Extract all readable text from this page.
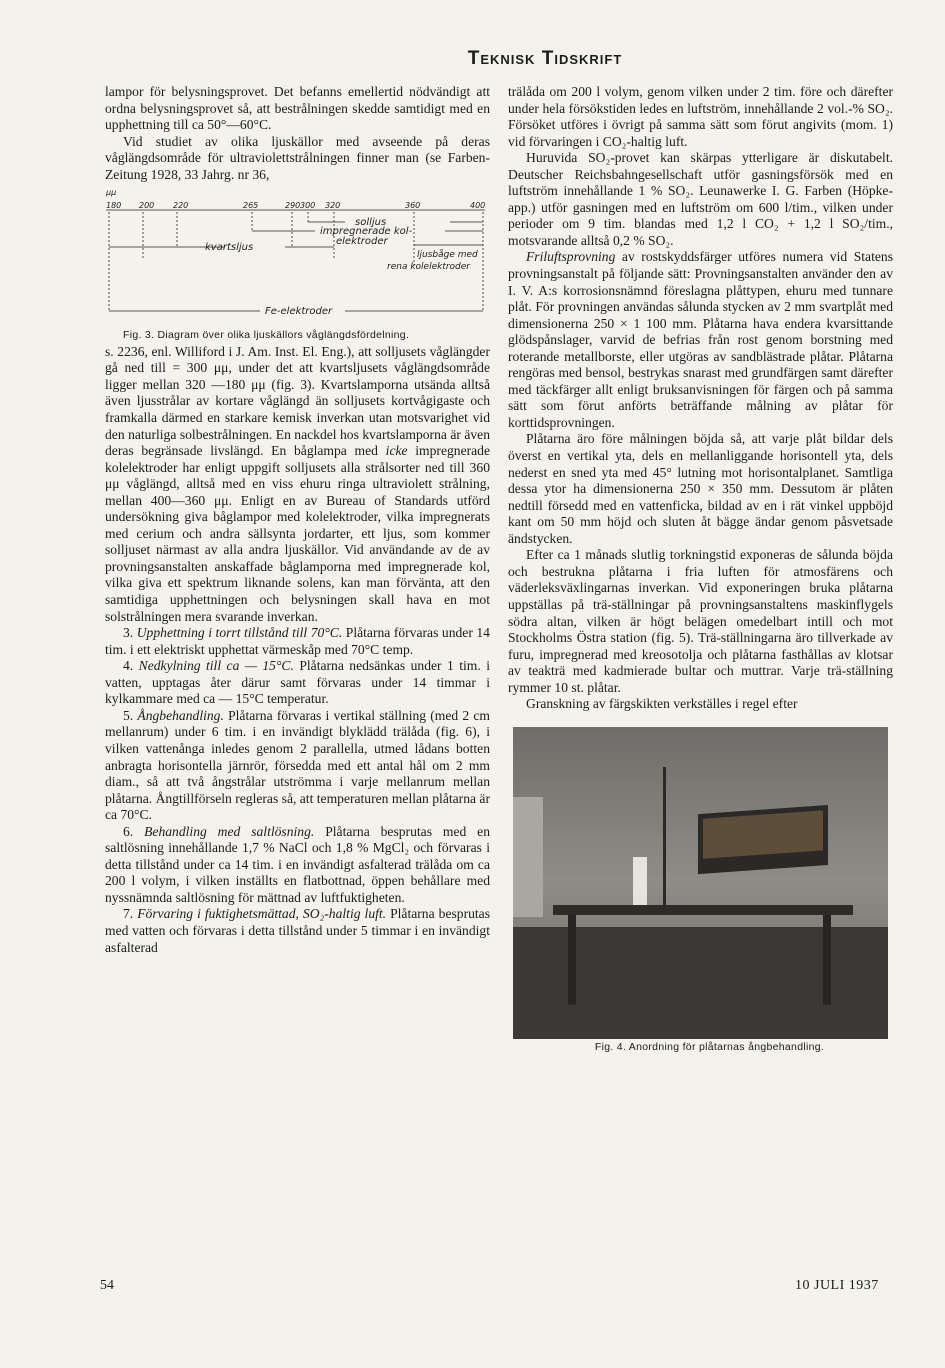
Teknisk Tidskrift

lampor för belysningsprovet. Det befanns emellertid nödvändigt att ordna belysningsprovet så, att bestrålningen skedde samtidigt med en upphettning till ca 50°—60°C.

Vid studiet av olika ljuskällor med avseende på deras våglängdsområde för ultraviolettstrålningen finner man (se Farben-Zeitung 1928, 33 Jahrg. nr 36,

μμ
180 200 220	265	290 300 320	360	400
solljus
impregnerade kol-
elektroder
kvartsljus
ljusbåge med
rena kolelektroder
Fe-elektroder

Fig. 3. Diagram över olika ljuskällors våglängdsfördelning.

s. 2236, enl. Williford i J. Am. Inst. El. Eng.), att solljusets våglängder gå ned till = 300 μμ, under det att kvartsljusets våglängdsområde ligger mellan 320 —180 μμ (fig. 3). Kvartslamporna utsända alltså även ljusstrålar av kortare våglängd än solljusets kortvågigaste och framkalla därmed en starkare kemisk inverkan utan motsvarighet vid den naturliga solbestrålningen. En nackdel hos kvartslamporna är även deras begränsade livslängd. En båglampa med icke impregnerade kolelektroder har enligt uppgift solljusets alla strålsorter ned till 360 μμ våglängd, alltså med en viss ehuru ringa ultraviolett strålning, mellan 400—360 μμ. Enligt en av Bureau of Standards utförd undersökning giva båglampor med kolelektroder, vilka impregnerats med cerium och andra sällsynta jordarter, ett ljus, som kommer solljuset närmast av alla andra ljuskällor. Vid användande av de av provningsanstalten anskaffade båglamporna med impregnerade kol, vilka giva ett spektrum liknande solens, kan man förvänta, att den samtidiga upphettningen och belysningen skall hava en mot solstrålningen mera svarande inverkan.

3. Upphettning i torrt tillstånd till 70°C. Plåtarna förvaras under 14 tim. i ett elektriskt upphettat värmeskåp med 70°C temp.

4. Nedkylning till ca — 15°C. Plåtarna nedsänkas under 1 tim. i vatten, upptagas åter därur samt förvaras under 14 timmar i kylkammare med ca — 15°C temperatur.

5. Ångbehandling. Plåtarna förvaras i vertikal ställning (med 2 cm mellanrum) under 6 tim. i en invändigt blyklädd trälåda (fig. 6), i vilken vattenånga inledes genom 2 parallella, utmed lådans botten anbragta horisontella järnrör, försedda med ett antal hål om 2 mm diam., så att två ångstrålar utströmma i varje mellanrum mellan plåtarna. Ångtillförseln regleras så, att temperaturen mellan plåtarna är ca 70°C.

6. Behandling med saltlösning. Plåtarna besprutas med en saltlösning innehållande 1,7 % NaCl och 1,8 % MgCl₂ och förvaras i detta tillstånd under ca 14 tim. i en invändigt asfalterad trälåda om ca 200 l volym, i vilken inställts en flatbottnad, öppen behållare med nyssnämnda saltlösning för mättnad av luftfuktigheten.

7. Förvaring i fuktighetsmättad, SO₂-haltig luft. Plåtarna besprutas med vatten och förvaras i detta tillstånd under 5 timmar i en invändigt asfalterad

trälåda om 200 l volym, genom vilken under 2 tim. före och därefter under hela försökstiden ledes en luftström, innehållande 2 vol.-% SO₂. Försöket utföres i övrigt på samma sätt som förut angivits (mom. 1) vid förvaringen i CO₂-haltig luft.

Huruvida SO₂-provet kan skärpas ytterligare är diskutabelt. Deutscher Reichsbahngesellschaft utför gasningsförsök med en luftström innehållande 1 % SO₂. Leunawerke I. G. Farben (Höpke-app.) utför gasningen med en luftström om 600 l/tim., vilken under perioder om 9 tim. blandas med 1,2 l CO₂ + 1,2 l SO₂/tim., motsvarande alltså 0,2 % SO₂.

Friluftsprovning av rostskyddsfärger utföres numera vid Statens provningsanstalt på följande sätt: Provningsanstalten använder den av I. V. A:s korrosionsnämnd föreslagna plåttypen, ehuru med tunnare plåt. För provningen användas sålunda stycken av 2 mm svartplåt med dimensionerna 250 × 1 100 mm. Plåtarna hava endera kvarsittande glödspånslager, varvid de befrias från rost genom borstning med roterande metallborste, eller utgöras av sandblästrade plåtar. Plåtarna rengöras med bensol, bestrykas snarast med grundfärgen samt därefter med täckfärger allt enligt bruksanvisningen för färgen och på samma sätt som förut anförts beträffande målning av plåtar för korttidsprovningen.

Plåtarna äro före målningen böjda så, att varje plåt bildar dels överst en vertikal yta, dels en mellanliggande horisontell yta, dels nederst en sned yta med 45° lutning mot horisontalplanet. Samtliga dessa ytor ha dimensionerna 250 × 350 mm. Dessutom är plåten nedtill försedd med en vattenficka, bildad av en i rät vinkel uppböjd kant om 50 mm höjd och sluten åt bägge ändar genom påsvetsade ändstycken.

Efter ca 1 månads slutlig torkningstid exponeras de sålunda böjda och bestrukna plåtarna i fria luften för atmosfärens och väderleksväxlingarnas inverkan. Vid exponeringen bruka plåtarna uppställas på trä-ställningar på provningsanstaltens maskinflygels södra altan, vilken är högt belägen omedelbart intill och mot Stockholms Östra station (fig. 5). Trä-ställningarna äro tillverkade av furu, impregnerad med kreosotolja och plåtarna fasthållas av klotsar av teakträ med kadmierade bultar och muttrar. Varje trä-ställning rymmer 10 st. plåtar.

Granskning av färgskikten verkställes i regel efter

Fig. 4. Anordning för plåtarnas ångbehandling.

54	10 JULI 1937
